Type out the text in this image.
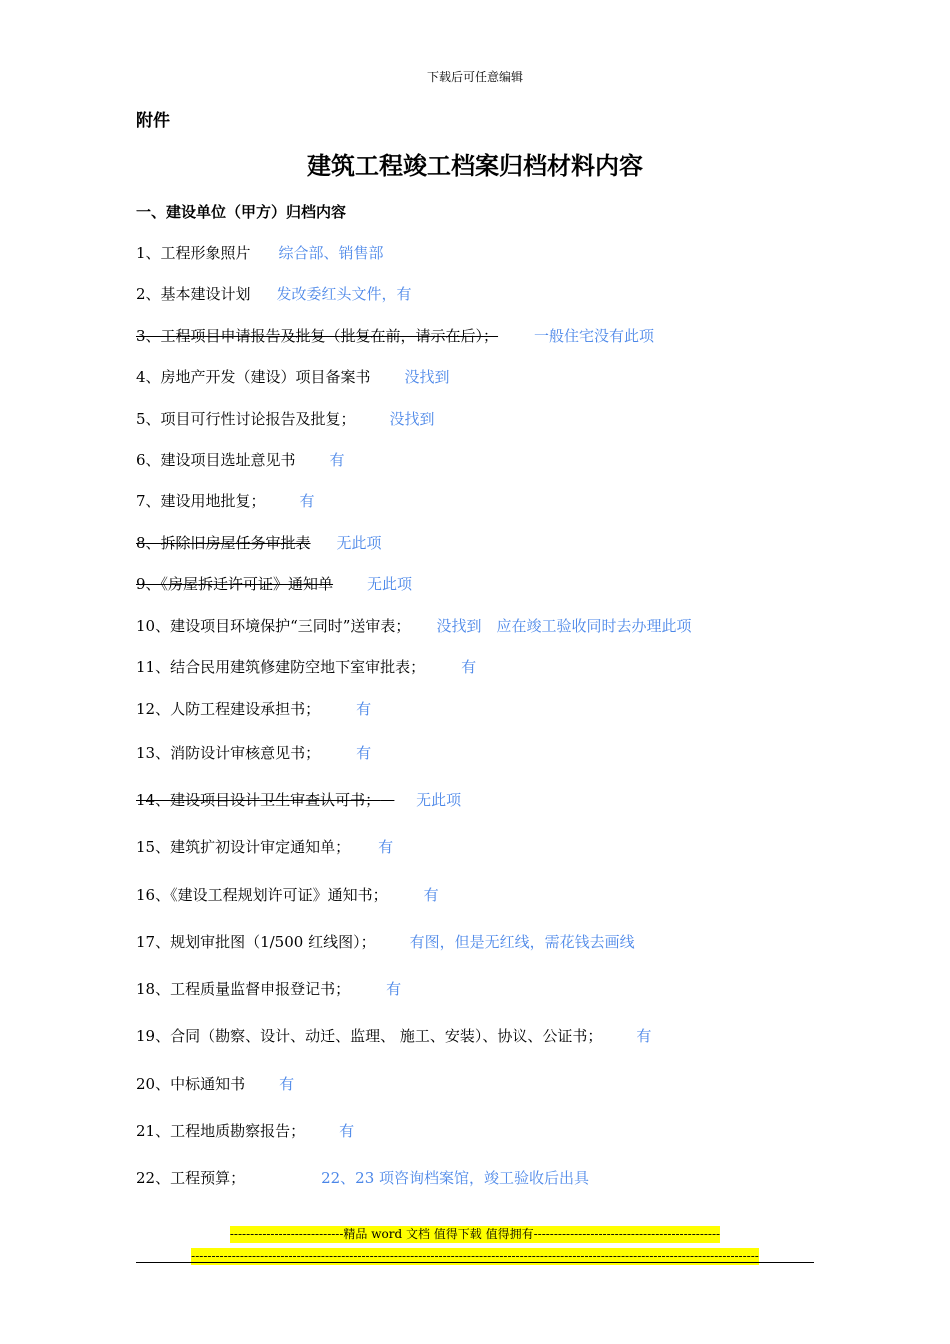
下载后可任意编辑
附件
建筑工程竣工档案归档材料内容
一、建设单位（甲方）归档内容
1、工程形象照片 综合部、销售部
2、基本建设计划 发改委红头文件，有
3、工程项目申请报告及批复（批复在前，请示在后）； 一般住宅没有此项
4、房地产开发（建设）项目备案书 没找到
5、项目可行性讨论报告及批复； 没找到
6、建设项目选址意见书 有
7、建设用地批复； 有
8、拆除旧房屋任务审批表 无此项
9、《房屋拆迁许可证》通知单 无此项
10、建设项目环境保护“三同时”送审表； 没找到　应在竣工验收同时去办理此项
11、结合民用建筑修建防空地下室审批表； 有
12、人防工程建设承担书； 有
13、消防设计审核意见书； 有
14、建设项目设计卫生审查认可书； 无此项
15、建筑扩初设计审定通知单； 有
16、《建设工程规划许可证》通知书； 有
17、规划审批图（1/500 红线图）； 有图，但是无红线，需花钱去画线
18、工程质量监督申报登记书； 有
19、合同（勘察、设计、动迁、监理、 施工、安装）、协议、公证书； 有
20、中标通知书 有
21、工程地质勘察报告； 有
22、工程预算；	22、23 项咨询档案馆，竣工验收后出具
----------------------------精品 word 文档 值得下载 值得拥有----------------------------------------------
--------------------------------------------------------------------------------------------------------------------------------------------
